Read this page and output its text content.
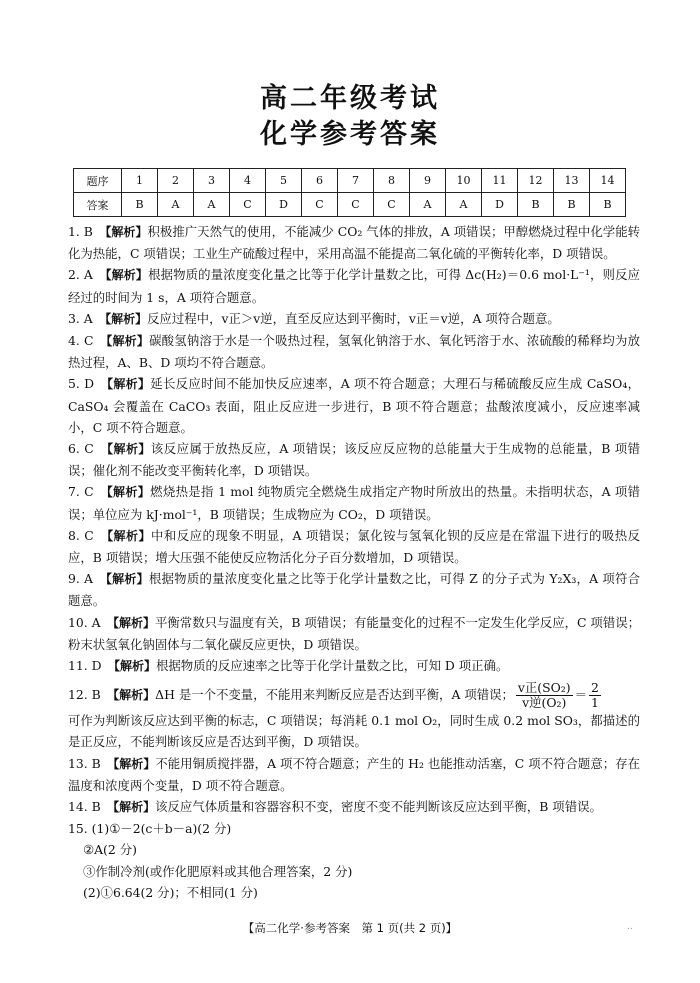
高二年级考试
化学参考答案
题序	1	2	3	4	5	6	7	8	9	10	11	12	13	14
答案	B	A	A	C	D	C	C	C	A	A	D	B	B	B

1. B　 【解析】积极推广天然气的使用，不能减少 CO₂ 气体的排放，A 项错误；甲醇燃烧过程中化学能转化为热能，C 项错误；工业生产硫酸过程中，采用高温不能提高二氧化硫的平衡转化率，D 项错误。

2. A　 【解析】根据物质的量浓度变化量之比等于化学计量数之比，可得 Δc(H₂)＝0.6 mol·L⁻¹，则反应经过的时间为 1 s，A 项符合题意。

3. A　 【解析】反应过程中，v正＞v逆，直至反应达到平衡时，v正＝v逆，A 项符合题意。

4. C　 【解析】碳酸氢钠溶于水是一个吸热过程，氢氧化钠溶于水、氧化钙溶于水、浓硫酸的稀释均为放热过程，A、B、D 项均不符合题意。

5. D　 【解析】延长反应时间不能加快反应速率，A 项不符合题意；大理石与稀硫酸反应生成 CaSO₄，CaSO₄ 会覆盖在 CaCO₃ 表面，阻止反应进一步进行，B 项不符合题意；盐酸浓度减小，反应速率减小，C 项不符合题意。

6. C　 【解析】该反应属于放热反应，A 项错误；该反应反应物的总能量大于生成物的总能量，B 项错误；催化剂不能改变平衡转化率，D 项错误。

7. C　 【解析】燃烧热是指 1 mol 纯物质完全燃烧生成指定产物时所放出的热量。未指明状态，A 项错误；单位应为 kJ·mol⁻¹，B 项错误；生成物应为 CO₂，D 项错误。

8. C　 【解析】中和反应的现象不明显，A 项错误；氯化铵与氢氧化钡的反应是在常温下进行的吸热反应，B 项错误；增大压强不能使反应物活化分子百分数增加，D 项错误。

9. A　 【解析】根据物质的量浓度变化量之比等于化学计量数之比，可得 Z 的分子式为 Y₂X₃，A 项符合题意。

10. A　 【解析】平衡常数只与温度有关，B 项错误；有能量变化的过程不一定发生化学反应，C 项错误；粉末状氢氧化钠固体与二氧化碳反应更快，D 项错误。

11. D　 【解析】根据物质的反应速率之比等于化学计量数之比，可知 D 项正确。

12. B　 【解析】ΔH 是一个不变量，不能用来判断反应是否达到平衡，A 项错误； $\frac{\text{v正(SO₂)}}{\text{v逆(O₂)}} = \frac{2}{1}$

可作为判断该反应达到平衡的标志，C 项错误；每消耗 0.1 mol O₂，同时生成 0.2 mol SO₃，都描述的是正反应，不能判断该反应是否达到平衡，D 项错误。

13. B　 【解析】不能用铜质搅拌器，A 项不符合题意；产生的 H₂ 也能推动活塞，C 项不符合题意；存在温度和浓度两个变量，D 项不符合题意。

14. B　 【解析】该反应气体质量和容器容积不变，密度不变不能判断该反应达到平衡，B 项错误。

15. (1)①－2(c＋b－a)(2 分)

②A(2 分)

③作制冷剂(或作化肥原料或其他合理答案，2 分)

(2)①6.64(2 分)；不相同(1 分)

【高二化学·参考答案　第 1 页(共 2 页)】	..
